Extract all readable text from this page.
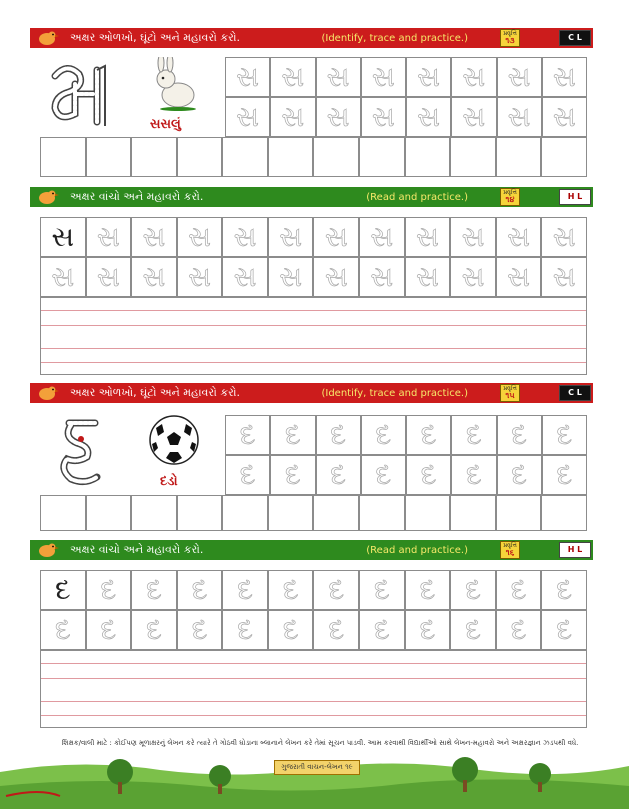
અક્ષર ઓળખો, ઘૂંટો અને મહાવરો કરો.	(Identify, trace and practice.)	પ્રવૃત્તિ
૧૩	C L
સસલું
સ સ સ સ સ સ સ સ
સ સ સ સ સ સ સ સ
અક્ષર વાંચો અને મહાવરો કરો.	(Read and practice.)	પ્રવૃત્તિ
૧૪	H L
સ સ સ સ સ સ સ સ સ સ સ સ
સ સ સ સ સ સ સ સ સ સ સ સ
અક્ષર ઓળખો, ઘૂંટો અને મહાવરો કરો.	(Identify, trace and practice.)	પ્રવૃત્તિ
૧૫	C L
દડો
દ દ દ દ દ દ દ દ
દ દ દ દ દ દ દ દ
અક્ષર વાંચો અને મહાવરો કરો.	(Read and practice.)	પ્રવૃત્તિ
૧૬	H L
દ દ દ દ દ દ દ દ દ દ દ દ
દ દ દ દ દ દ દ દ દ દ દ દ
શિક્ષક/વાલી માટે : કોઈપણ મૂળાક્ષરનું લેખન કરે ત્યારે તે ગોઠવી ઘોડાના બ્લાનાને લેખન કરે તેમાં સૂચન પાડવી. આમ કરવાથી વિદ્યાર્થીઓ સાથે લેખન-મહાવરો અને અક્ષરજ્ઞાન ઝડપથી વધે.
ગુજરાતી વાચન-લેખન ૧૯
